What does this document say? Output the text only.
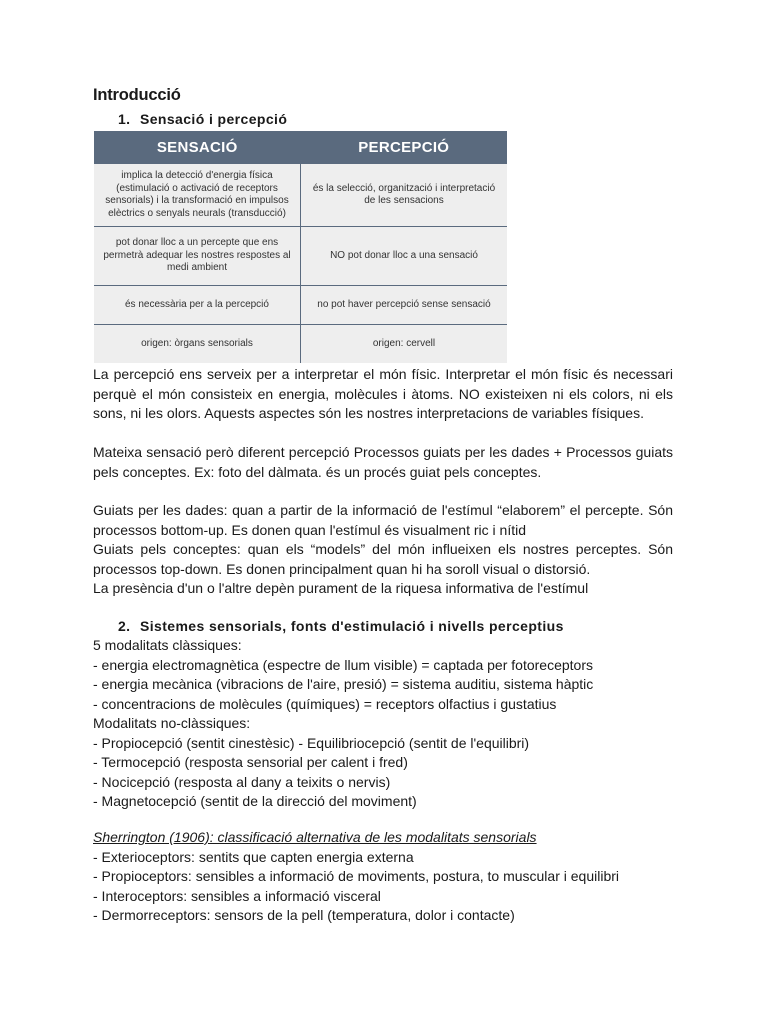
Introducció
1. Sensació i percepció
SENSACIÓ	PERCEPCIÓ
implica la detecció d'energia física (estimulació o activació de receptors sensorials) i la transformació en impulsos elèctrics o senyals neurals (transducció)	és la selecció, organització i interpretació de les sensacions
pot donar lloc a un percepte que ens permetrà adequar les nostres respostes al medi ambient	NO pot donar lloc a una sensació
és necessària per a la percepció	no pot haver percepció sense sensació
origen: òrgans sensorials	origen: cervell

La percepció ens serveix per a interpretar el món físic. Interpretar el món físic és necessari perquè el món consisteix en energia, molècules i àtoms. NO existeixen ni els colors, ni els sons, ni les olors. Aquests aspectes són les nostres interpretacions de variables físiques.

Mateixa sensació però diferent percepció Processos guiats per les dades + Processos guiats pels conceptes. Ex: foto del dàlmata. és un procés guiat pels conceptes.

Guiats per les dades: quan a partir de la informació de l'estímul “elaborem” el percepte. Són processos bottom-up. Es donen quan l'estímul és visualment ric i nítid

Guiats pels conceptes: quan els “models” del món influeixen els nostres perceptes. Són processos top-down. Es donen principalment quan hi ha soroll visual o distorsió.

La presència d'un o l'altre depèn purament de la riquesa informativa de l'estímul

2. Sistemes sensorials, fonts d'estimulació i nivells perceptius
5 modalitats clàssiques:
- energia electromagnètica (espectre de llum visible) = captada per fotoreceptors
- energia mecànica (vibracions de l'aire, presió) = sistema auditiu, sistema hàptic
- concentracions de molècules (químiques) = receptors olfactius i gustatius
Modalitats no-clàssiques:
- Propiocepció (sentit cinestèsic) - Equilibriocepció (sentit de l'equilibri)
- Termocepció (resposta sensorial per calent i fred)
- Nocicepció (resposta al dany a teixits o nervis)
- Magnetocepció (sentit de la direcció del moviment)
Sherrington (1906): classificació alternativa de les modalitats sensorials
- Exterioceptors: sentits que capten energia externa
- Propioceptors: sensibles a informació de moviments, postura, to muscular i equilibri
- Interoceptors: sensibles a informació visceral
- Dermorreceptors: sensors de la pell (temperatura, dolor i contacte)
